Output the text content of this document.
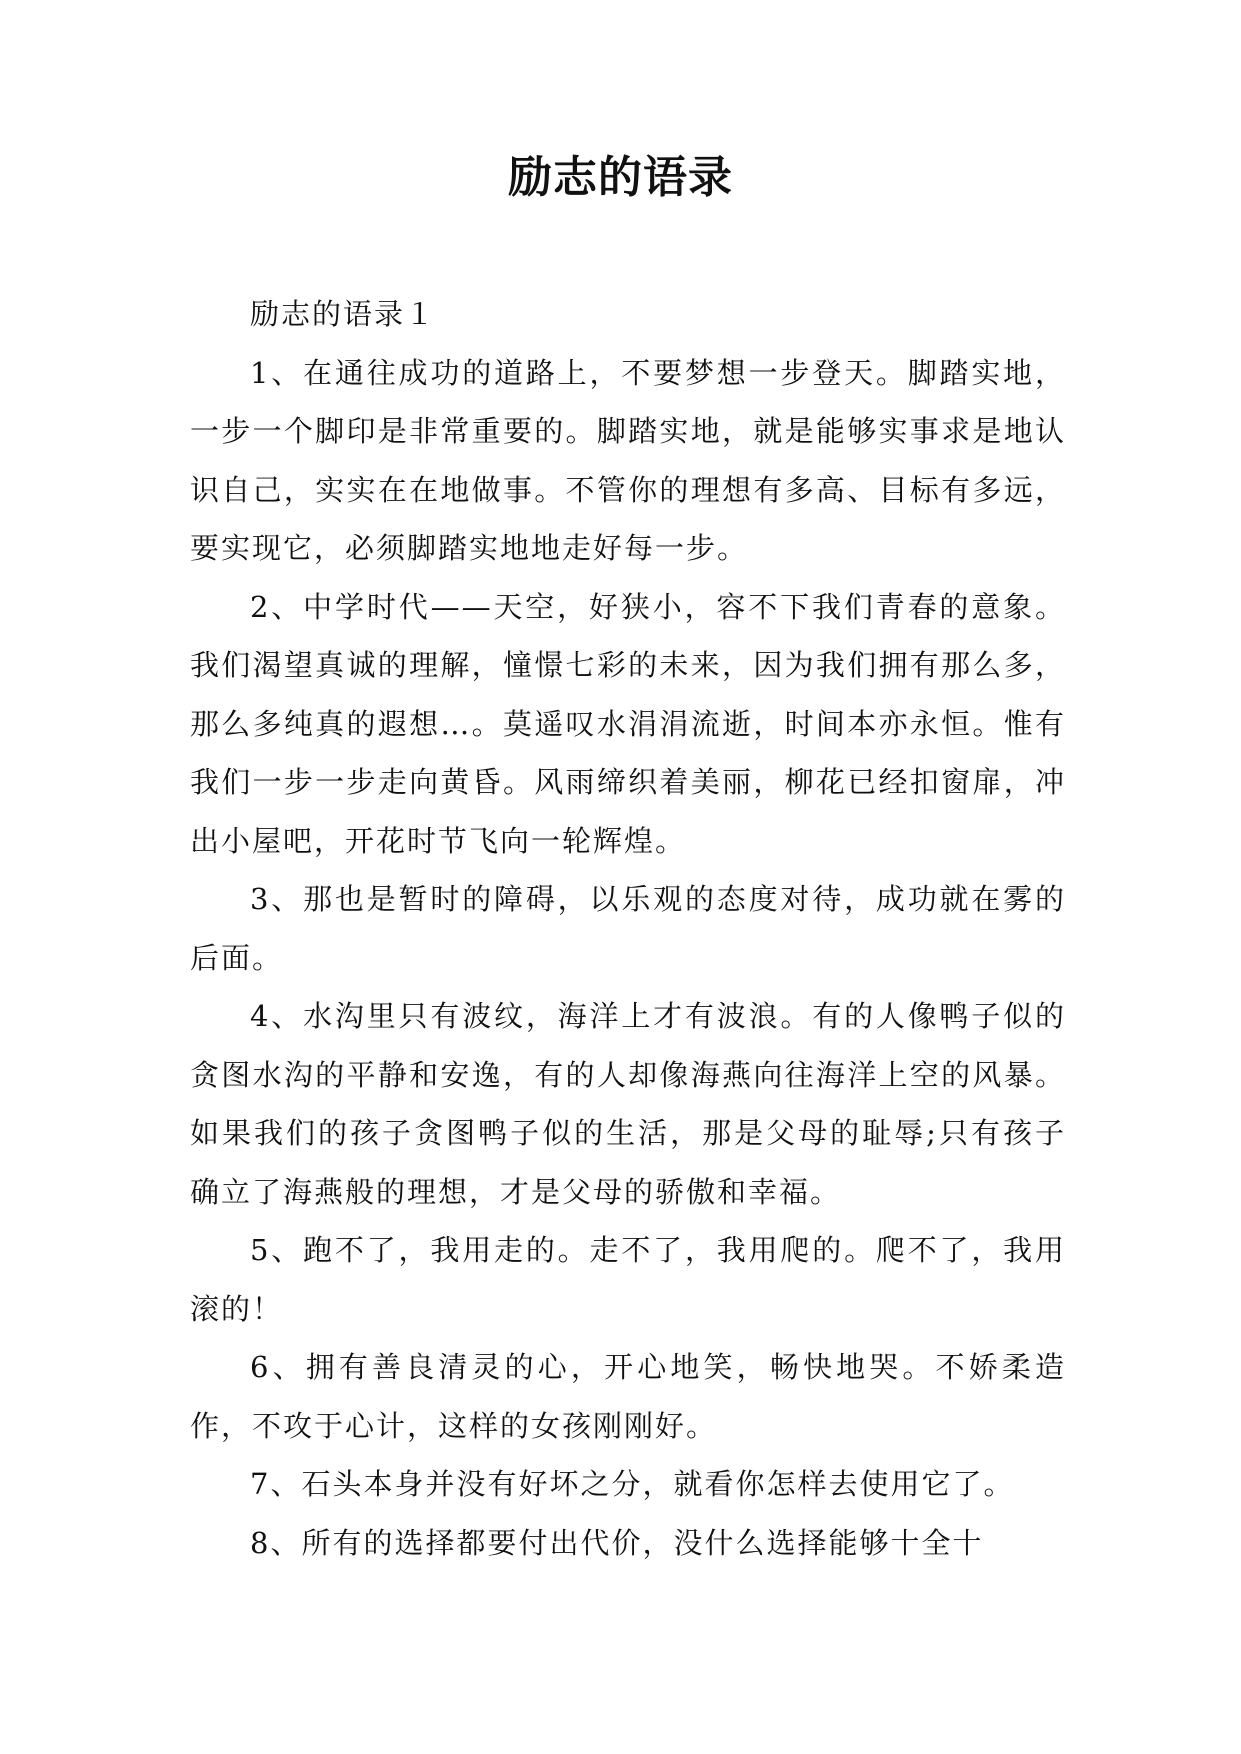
励志的语录

励志的语录１

1、在通往成功的道路上，不要梦想一步登天。脚踏实地，一步一个脚印是非常重要的。脚踏实地，就是能够实事求是地认识自己，实实在在地做事。不管你的理想有多高、目标有多远，要实现它，必须脚踏实地地走好每一步。

2、中学时代——天空，好狭小，容不下我们青春的意象。我们渴望真诚的理解，憧憬七彩的未来，因为我们拥有那么多，那么多纯真的遐想…。莫遥叹水涓涓流逝，时间本亦永恒。惟有我们一步一步走向黄昏。风雨缔织着美丽，柳花已经扣窗扉，冲出小屋吧，开花时节飞向一轮辉煌。

3、那也是暂时的障碍，以乐观的态度对待，成功就在雾的后面。

4、水沟里只有波纹，海洋上才有波浪。有的人像鸭子似的贪图水沟的平静和安逸，有的人却像海燕向往海洋上空的风暴。如果我们的孩子贪图鸭子似的生活，那是父母的耻辱;只有孩子确立了海燕般的理想，才是父母的骄傲和幸福。

5、跑不了，我用走的。走不了，我用爬的。爬不了，我用滚的！

6、拥有善良清灵的心，开心地笑，畅快地哭。不娇柔造作，不攻于心计，这样的女孩刚刚好。

7、石头本身并没有好坏之分，就看你怎样去使用它了。

8、所有的选择都要付出代价，没什么选择能够十全十
